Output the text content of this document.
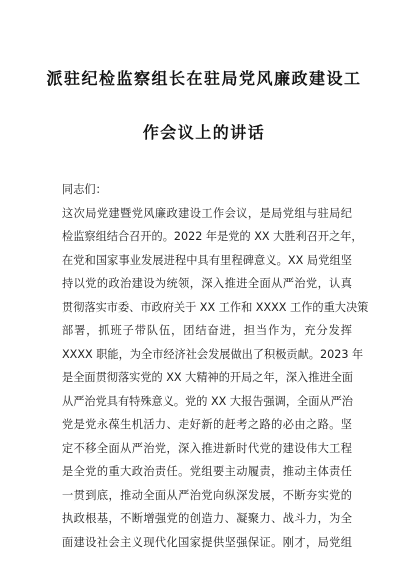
派驻纪检监察组长在驻局党风廉政建设工
作会议上的讲话
同志们：
这次局党建暨党风廉政建设工作会议，是局党组与驻局纪
检监察组结合召开的。2022 年是党的 XX 大胜利召开之年，
在党和国家事业发展进程中具有里程碑意义。XX 局党组坚
持以党的政治建设为统领，深入推进全面从严治党，认真
贯彻落实市委、市政府关于 XX 工作和 XXXX 工作的重大决策
部署，抓班子带队伍，团结奋进，担当作为，充分发挥
XXXX 职能，为全市经济社会发展做出了积极贡献。2023 年
是全面贯彻落实党的 XX 大精神的开局之年，深入推进全面
从严治党具有特殊意义。党的 XX 大报告强调，全面从严治
党是党永葆生机活力、走好新的赶考之路的必由之路。坚
定不移全面从严治党，深入推进新时代党的建设伟大工程
是全党的重大政治责任。党组要主动履责，推动主体责任
一贯到底，推动全面从严治党向纵深发展，不断夯实党的
执政根基，不断增强党的创造力、凝聚力、战斗力，为全
面建设社会主义现代化国家提供坚强保证。刚才，局党组
